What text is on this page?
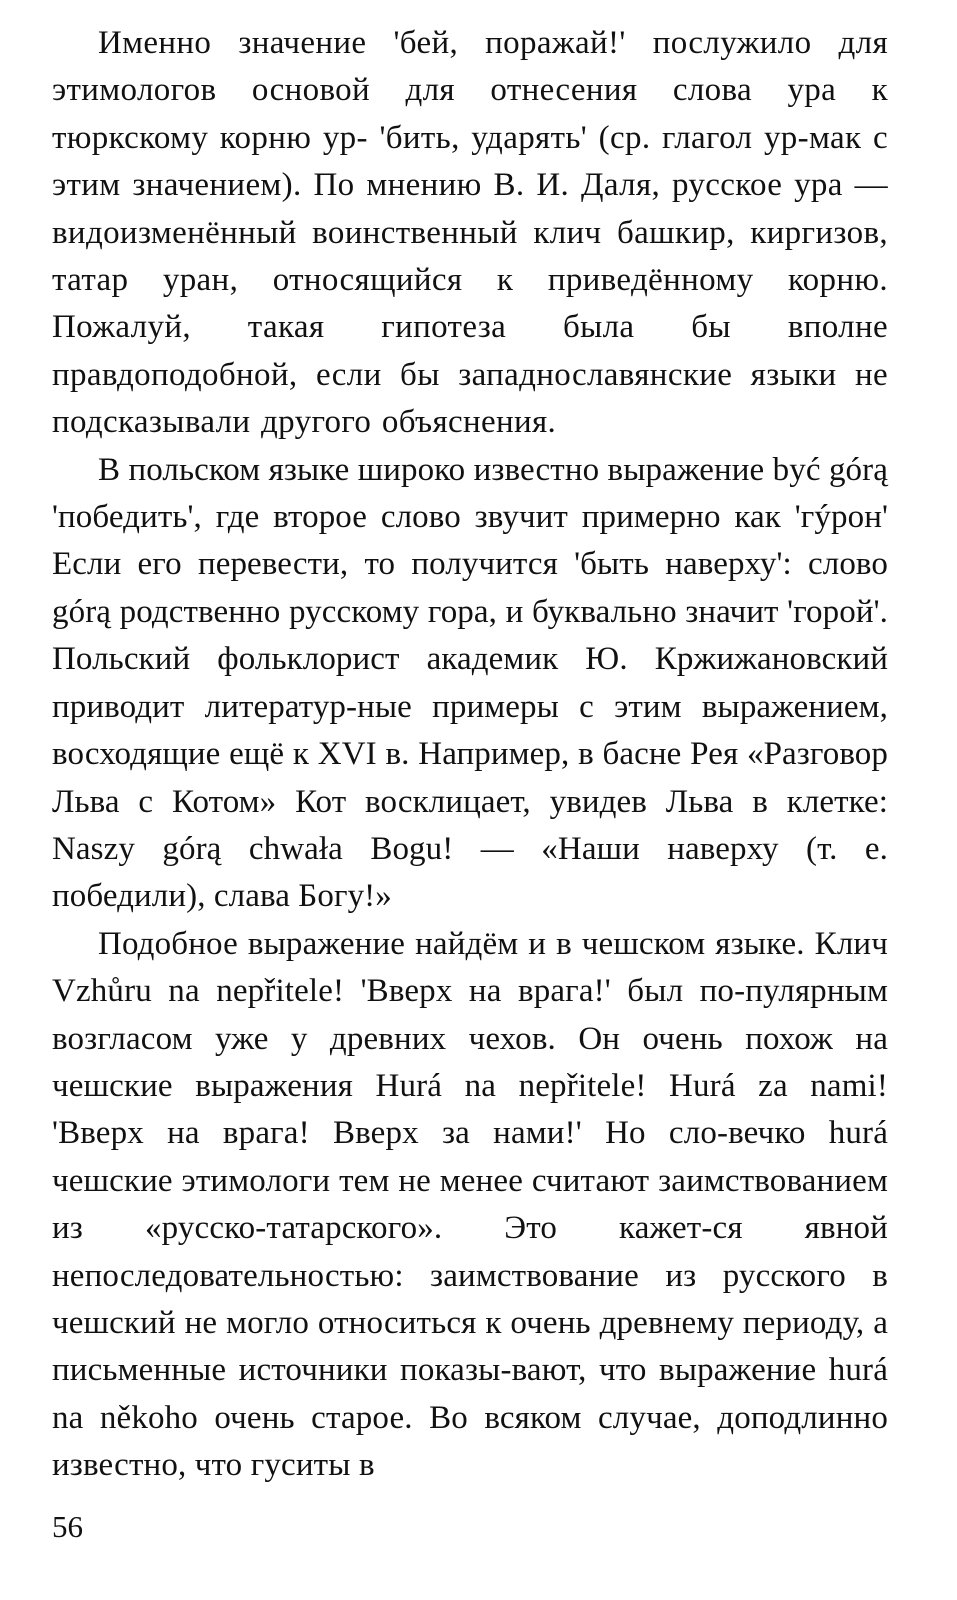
Именно значение 'бей, поражай!' послужило для этимологов основой для отнесения слова ура к тюркскому корню ур- 'бить, ударять' (ср. глагол ур-мак с этим значением). По мнению В. И. Даля, русское ура — видоизменённый воинственный клич башкир, киргизов, татар уран, относящийся к приведённому корню. Пожалуй, такая гипотеза была бы вполне правдоподобной, если бы западнославянские языки не подсказывали другого объяснения.

В польском языке широко известно выражение być górą 'победить', где второе слово звучит примерно как 'гýрон' Если его перевести, то получится 'быть наверху': слово górą родственно русскому гора, и буквально значит 'горой'. Польский фольклорист академик Ю. Кржижановский приводит литератур-ные примеры с этим выражением, восходящие ещё к XVI в. Например, в басне Рея «Разговор Льва с Котом» Кот восклицает, увидев Льва в клетке: Naszy górą chwała Bogu! — «Наши наверху (т. е. победили), слава Богу!»

Подобное выражение найдём и в чешском языке. Клич Vzhůru na nepřitele! 'Вверх на врага!' был по-пулярным возгласом уже у древних чехов. Он очень похож на чешские выражения Hurá na nepřitele! Hurá za nami! 'Вверх на врага! Вверх за нами!' Но сло-вечко hurá чешские этимологи тем не менее считают заимствованием из «русско-татарского». Это кажет-ся явной непоследовательностью: заимствование из русского в чешский не могло относиться к очень древнему периоду, а письменные источники показы-вают, что выражение hurá na někoho очень старое. Во всяком случае, доподлинно известно, что гуситы в

56
